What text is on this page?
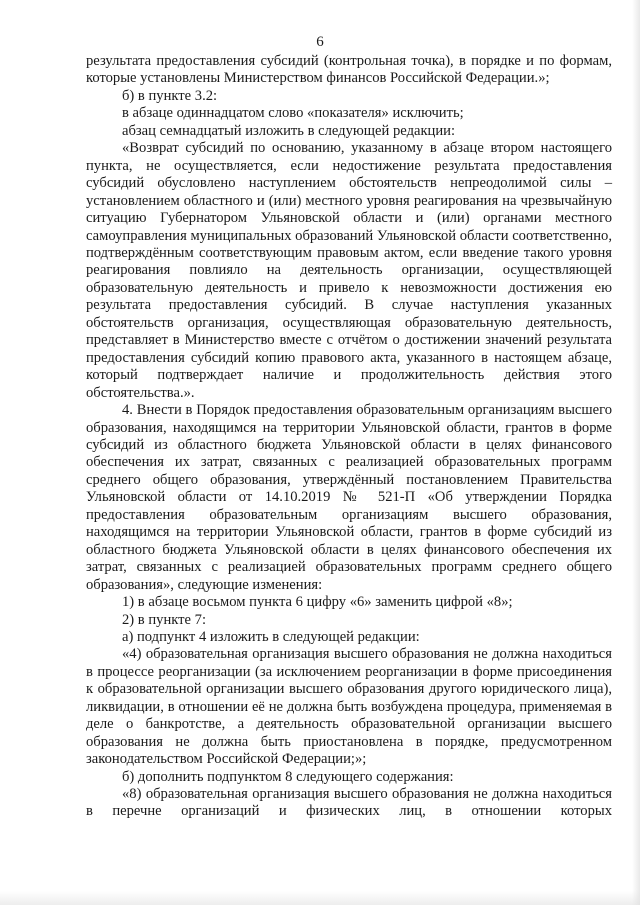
6

результата предоставления субсидий (контрольная точка), в порядке и по формам, которые установлены Министерством финансов Российской Федерации.»;

б) в пункте 3.2:

в абзаце одиннадцатом слово «показателя» исключить;

абзац семнадцатый изложить в следующей редакции:

«Возврат субсидий по основанию, указанному в абзаце втором настоящего пункта, не осуществляется, если недостижение результата предоставления субсидий обусловлено наступлением обстоятельств непреодолимой силы – установлением областного и (или) местного уровня реагирования на чрезвычайную ситуацию Губернатором Ульяновской области и (или) органами местного самоуправления муниципальных образований Ульяновской области соответственно, подтверждённым соответствующим правовым актом, если введение такого уровня реагирования повлияло на деятельность организации, осуществляющей образовательную деятельность и привело к невозможности достижения ею результата предоставления субсидий. В случае наступления указанных обстоятельств организация, осуществляющая образовательную деятельность, представляет в Министерство вместе с отчётом о достижении значений результата предоставления субсидий копию правового акта, указанного в настоящем абзаце, который подтверждает наличие и продолжительность действия этого обстоятельства.».

4. Внести в Порядок предоставления образовательным организациям высшего образования, находящимся на территории Ульяновской области, грантов в форме субсидий из областного бюджета Ульяновской области в целях финансового обеспечения их затрат, связанных с реализацией образовательных программ среднего общего образования, утверждённый постановлением Правительства Ульяновской области от 14.10.2019 № 521-П «Об утверждении Порядка предоставления образовательным организациям высшего образования, находящимся на территории Ульяновской области, грантов в форме субсидий из областного бюджета Ульяновской области в целях финансового обеспечения их затрат, связанных с реализацией образовательных программ среднего общего образования», следующие изменения:

1) в абзаце восьмом пункта 6 цифру «6» заменить цифрой «8»;

2) в пункте 7:

а) подпункт 4 изложить в следующей редакции:

«4) образовательная организация высшего образования не должна находиться в процессе реорганизации (за исключением реорганизации в форме присоединения к образовательной организации высшего образования другого юридического лица), ликвидации, в отношении её не должна быть возбуждена процедура, применяемая в деле о банкротстве, а деятельность образовательной организации высшего образования не должна быть приостановлена в порядке, предусмотренном законодательством Российской Федерации;»;

б) дополнить подпунктом 8 следующего содержания:

«8) образовательная организация высшего образования не должна находиться в перечне организаций и физических лиц, в отношении которых
